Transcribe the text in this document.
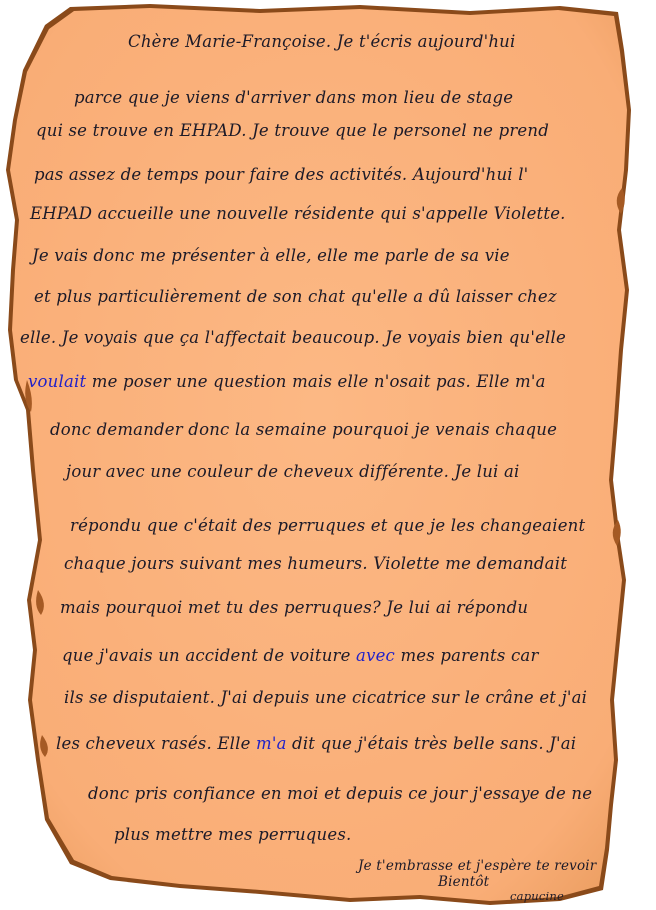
Chère Marie-Françoise. Je t'écris aujourd'hui
parce que je viens d'arriver dans mon lieu de stage
qui se trouve en EHPAD. Je trouve que le personel ne prend
pas assez de temps pour faire des activités. Aujourd'hui l'
EHPAD accueille une nouvelle résidente qui s'appelle Violette.
Je vais donc me présenter à elle, elle me parle de sa vie
et plus particulièrement de son chat qu'elle a dû laisser chez
elle. Je voyais que ça l'affectait beaucoup. Je voyais bien qu'elle
voulait me poser une question mais elle n'osait pas. Elle m'a
donc demander donc la semaine pourquoi je venais chaque
jour avec une couleur de cheveux différente. Je lui ai
répondu que c'était des perruques et que je les changeaient
chaque jours suivant mes humeurs. Violette me demandait
mais pourquoi met tu des perruques? Je lui ai répondu
que j'avais un accident de voiture avec mes parents car
ils se disputaient. J'ai depuis une cicatrice sur le crâne et j'ai
les cheveux rasés. Elle m'a dit que j'étais très belle sans. J'ai
donc pris confiance en moi et depuis ce jour j'essaye de ne
plus mettre mes perruques.
Je t'embrasse et j'espère te revoir
Bientôt
capucine
